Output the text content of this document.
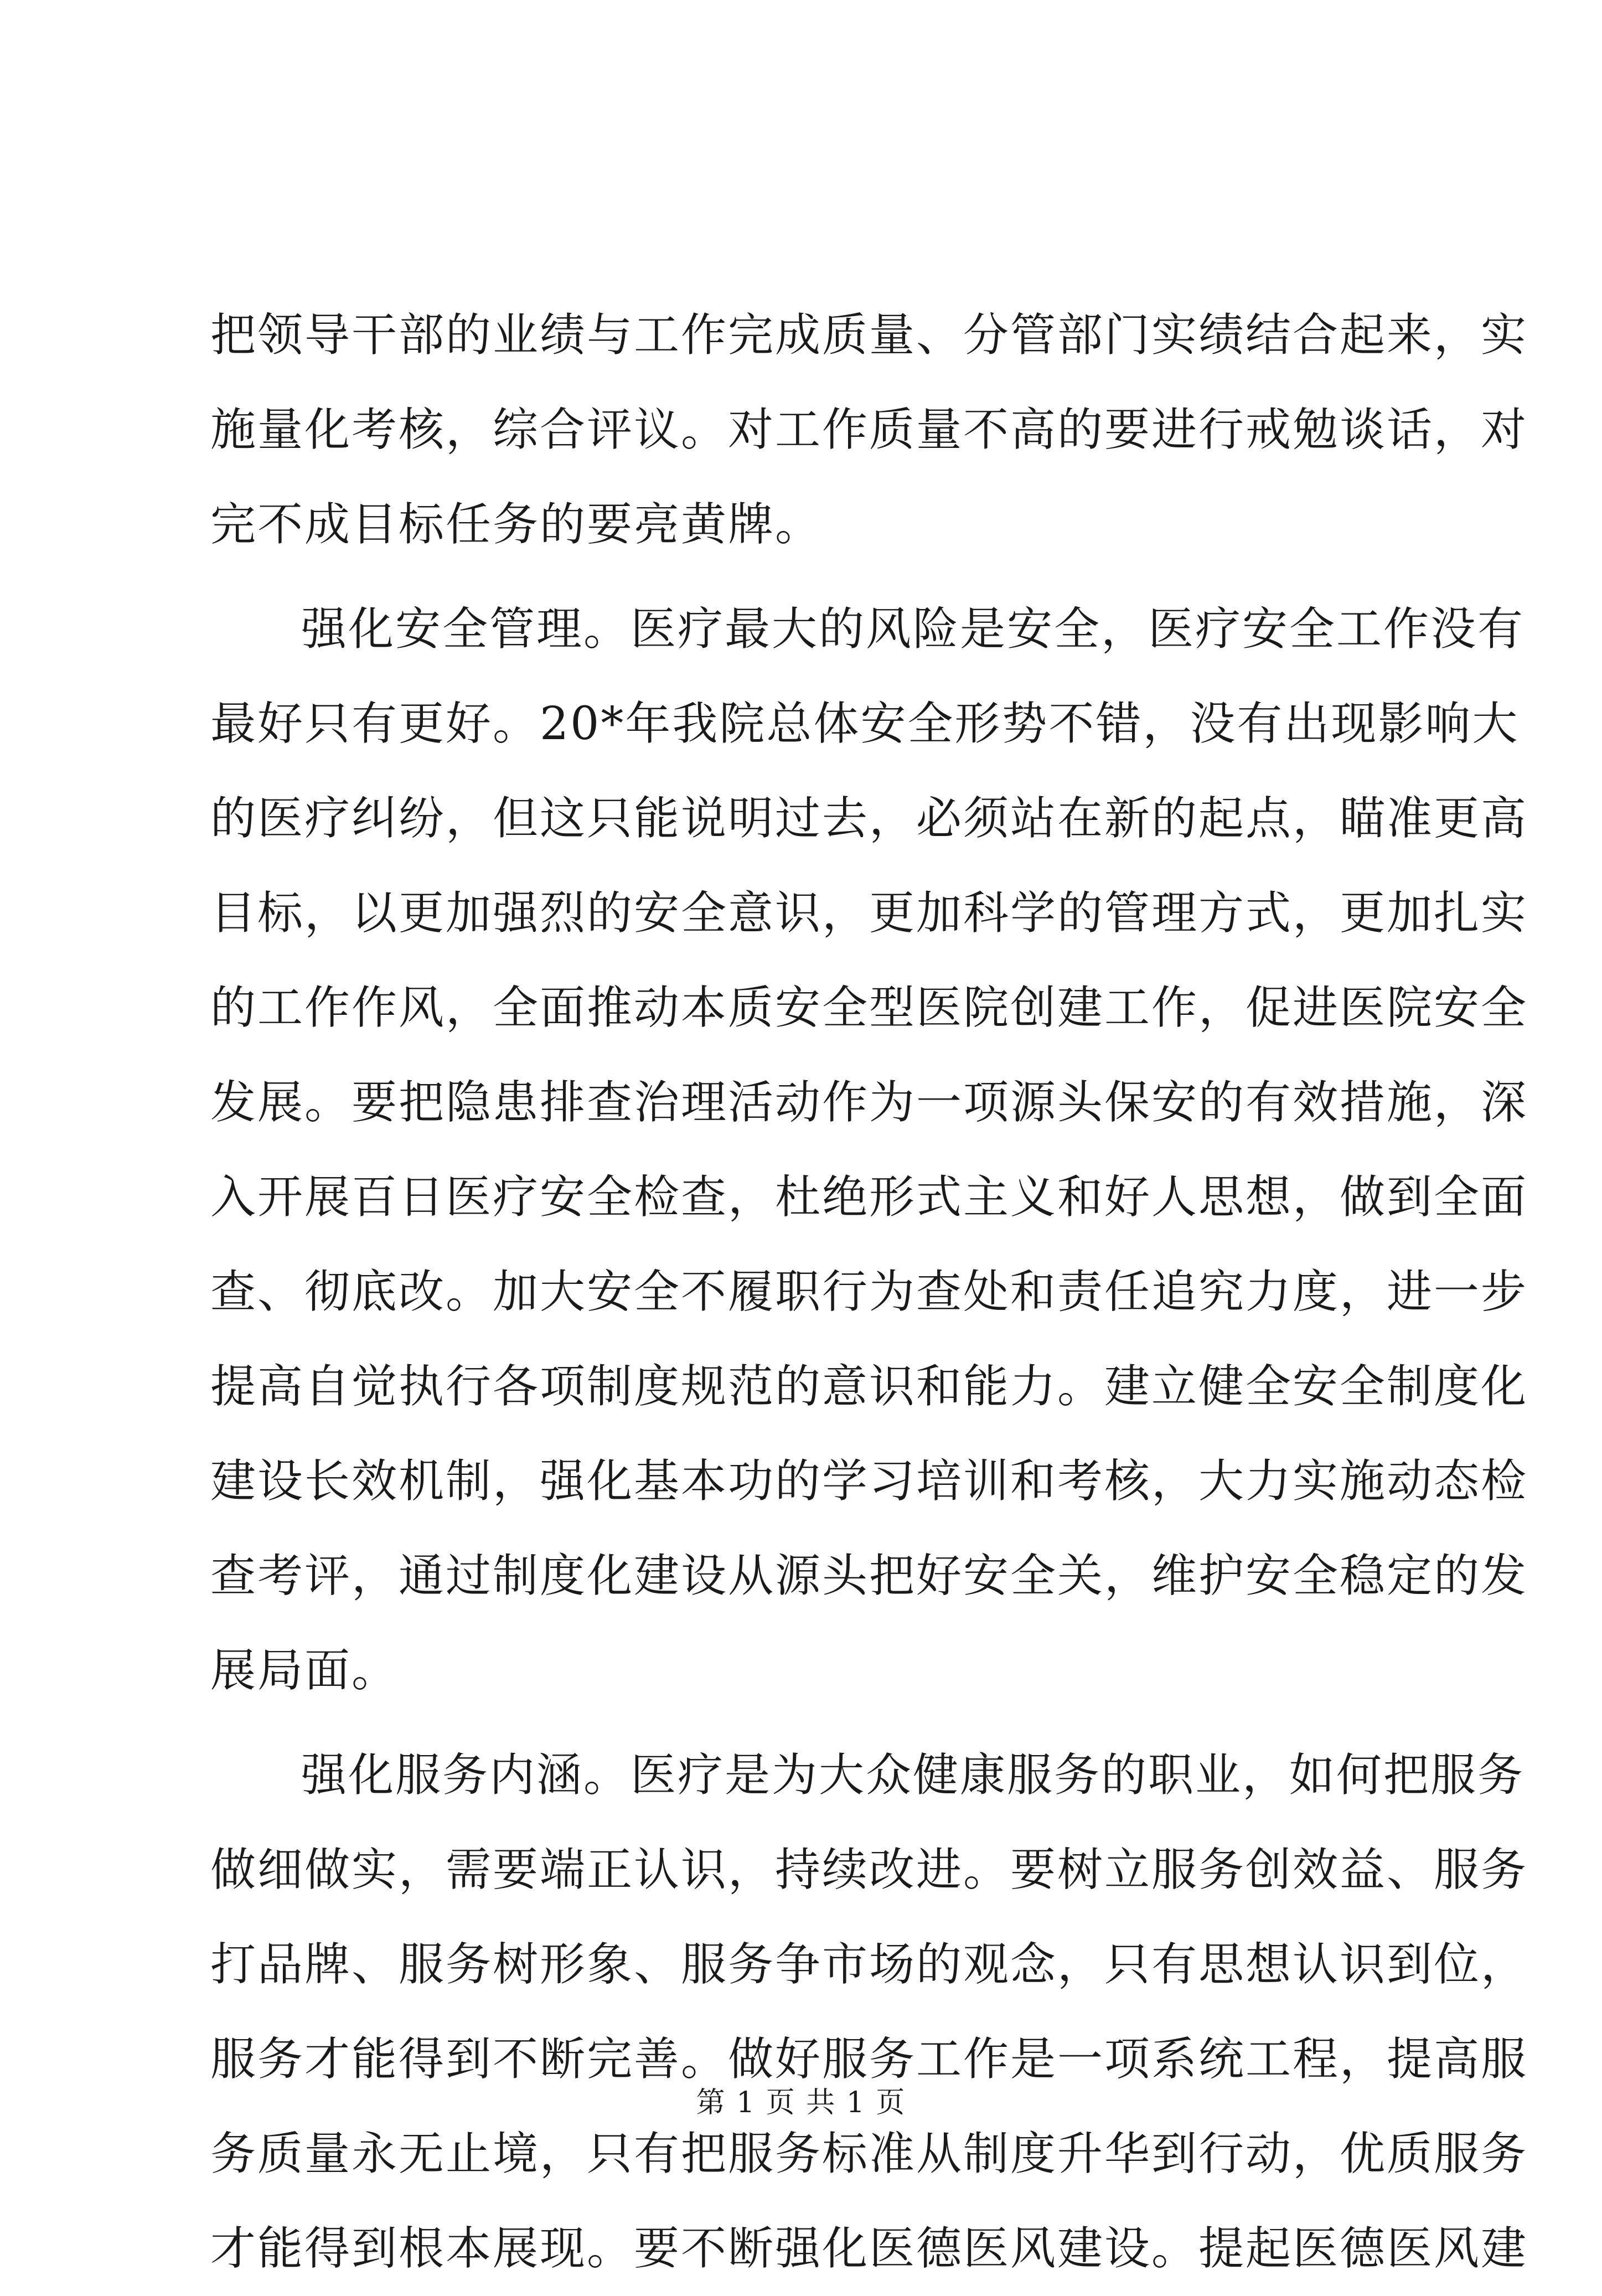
把领导干部的业绩与工作完成质量、分管部门实绩结合起来，实
施量化考核，综合评议。对工作质量不高的要进行戒勉谈话，对
完不成目标任务的要亮黄牌。
强化安全管理。医疗最大的风险是安全，医疗安全工作没有
最好只有更好。20*年我院总体安全形势不错，没有出现影响大
的医疗纠纷，但这只能说明过去，必须站在新的起点，瞄准更高
目标，以更加强烈的安全意识，更加科学的管理方式，更加扎实
的工作作风，全面推动本质安全型医院创建工作，促进医院安全
发展。要把隐患排查治理活动作为一项源头保安的有效措施，深
入开展百日医疗安全检查，杜绝形式主义和好人思想，做到全面
查、彻底改。加大安全不履职行为查处和责任追究力度，进一步
提高自觉执行各项制度规范的意识和能力。建立健全安全制度化
建设长效机制，强化基本功的学习培训和考核，大力实施动态检
查考评，通过制度化建设从源头把好安全关，维护安全稳定的发
展局面。
强化服务内涵。医疗是为大众健康服务的职业，如何把服务
做细做实，需要端正认识，持续改进。要树立服务创效益、服务
打品牌、服务树形象、服务争市场的观念，只有思想认识到位，
服务才能得到不断完善。做好服务工作是一项系统工程，提高服
务质量永无止境，只有把服务标准从制度升华到行动，优质服务
才能得到根本展现。要不断强化医德医风建设。提起医德医风建
第 1 页 共 1 页
